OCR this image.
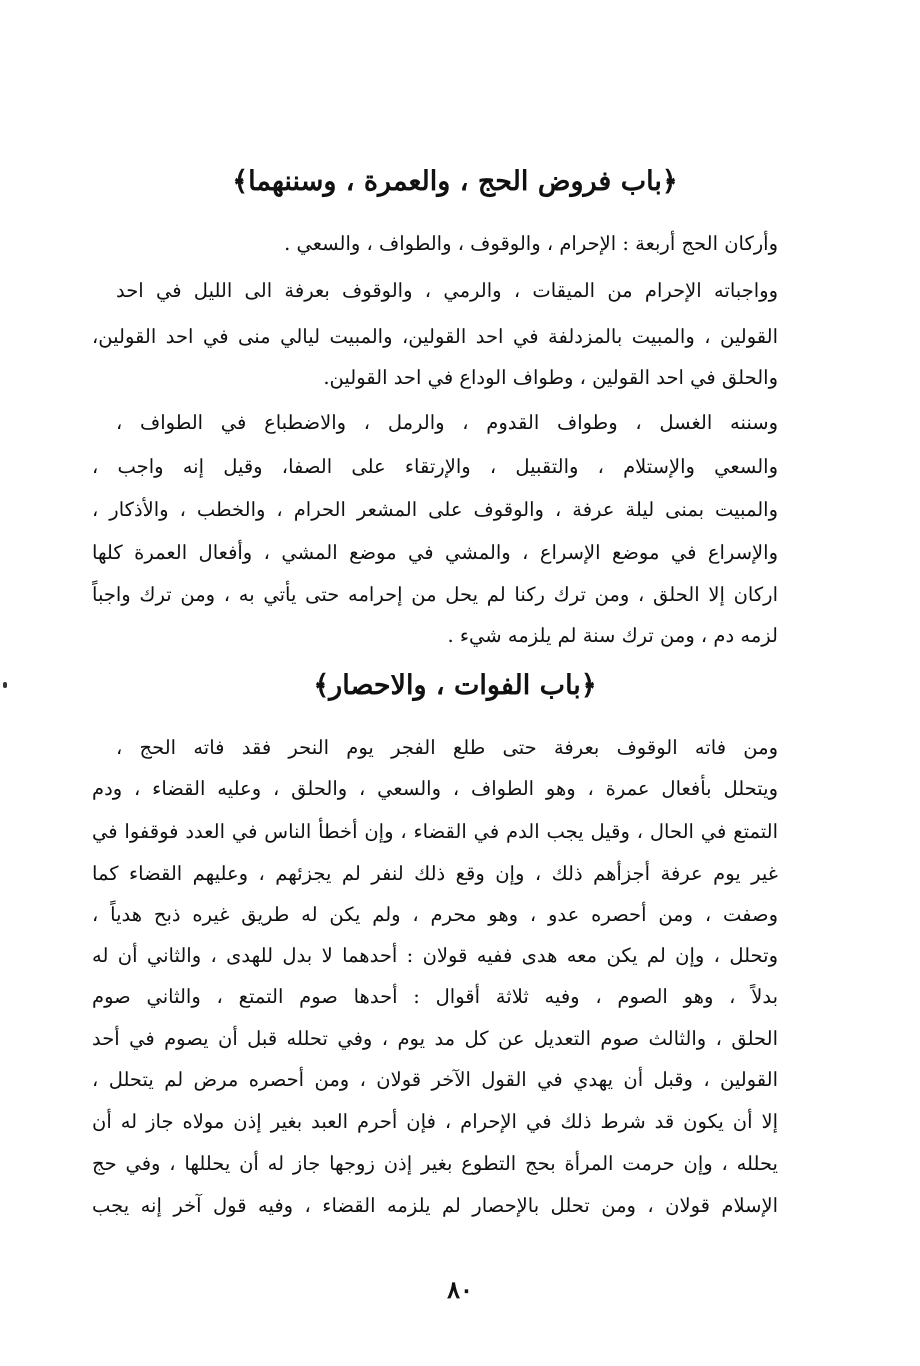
﴿باب فروض الحج ، والعمرة ، وسننهما﴾
وأركان الحج أربعة : الإحرام ، والوقوف ، والطواف ، والسعي .
وواجباته الإحرام من الميقات ، والرمي ، والوقوف بعرفة الى الليل في احد
القولين ، والمبيت بالمزدلفة في احد القولين، والمبيت ليالي منى في احد القولين،
والحلق في احد القولين ، وطواف الوداع في احد القولين.
وسننه الغسل ، وطواف القدوم ، والرمل ، والاضطباع في الطواف ،
والسعي والإستلام ، والتقبيل ، والإرتقاء على الصفا، وقيل إنه واجب ،
والمبيت بمنى ليلة عرفة ، والوقوف على المشعر الحرام ، والخطب ، والأذكار ،
والإسراع في موضع الإسراع ، والمشي في موضع المشي ، وأفعال العمرة كلها
اركان إلا الحلق ، ومن ترك ركنا لم يحل من إحرامه حتى يأتي به ، ومن ترك واجباً
لزمه دم ، ومن ترك سنة لم يلزمه شيء .
﴿باب الفوات ، والاحصار﴾
ومن فاته الوقوف بعرفة حتى طلع الفجر يوم النحر فقد فاته الحج ،
ويتحلل بأفعال عمرة ، وهو الطواف ، والسعي ، والحلق ، وعليه القضاء ، ودم
التمتع في الحال ، وقيل يجب الدم في القضاء ، وإن أخطأ الناس في العدد فوقفوا في
غير يوم عرفة أجزأهم ذلك ، وإن وقع ذلك لنفر لم يجزئهم ، وعليهم القضاء كما
وصفت ، ومن أحصره عدو ، وهو محرم ، ولم يكن له طريق غيره ذبح هدياً ،
وتحلل ، وإن لم يكن معه هدى ففيه قولان : أحدهما لا بدل للهدى ، والثاني أن له
بدلاً ، وهو الصوم ، وفيه ثلاثة أقوال : أحدها صوم التمتع ، والثاني صوم
الحلق ، والثالث صوم التعديل عن كل مد يوم ، وفي تحلله قبل أن يصوم في أحد
القولين ، وقبل أن يهدي في القول الآخر قولان ، ومن أحصره مرض لم يتحلل ،
إلا أن يكون قد شرط ذلك في الإحرام ، فإن أحرم العبد بغير إذن مولاه جاز له أن
يحلله ، وإن حرمت المرأة بحج التطوع بغير إذن زوجها جاز له أن يحللها ، وفي حج
الإسلام قولان ، ومن تحلل بالإحصار لم يلزمه القضاء ، وفيه قول آخر إنه يجب
٨٠
